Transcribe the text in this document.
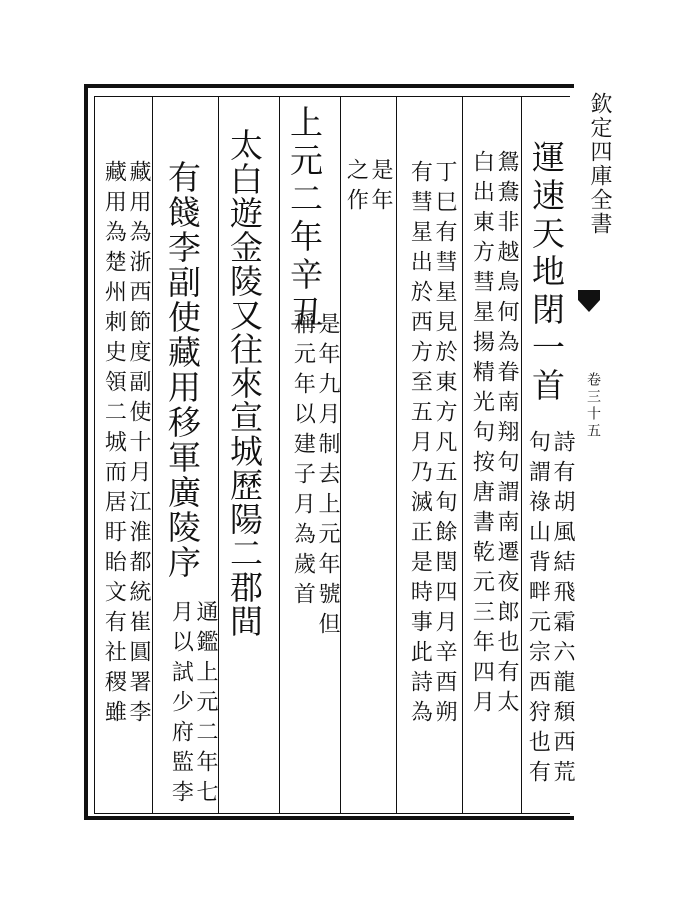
欽定四庫全書
卷三十五
運速天地閉一首
詩有胡風結飛霜六龍頹西荒
句謂祿山背畔元宗西狩也有
鴛鴦非越鳥何為眷南翔句謂南遷夜郎也有太
白出東方彗星揚精光句按唐書乾元三年四月
丁巳有彗星見於東方凡五旬餘閏四月辛酉朔
有彗星出於西方至五月乃滅正是時事此詩為
是年
之作
上元二年辛丑
是年九月制去上元年號但
稱元年以建子月為歲首
太白遊金陵又往來宣城歷陽二郡間
有餞李副使藏用移軍廣陵序
通鑑上元二年七
月以試少府監李
藏用為浙西節度副使十月江淮都統崔圓署李
藏用為楚州刺史領二城而居盱眙文有社稷雖
